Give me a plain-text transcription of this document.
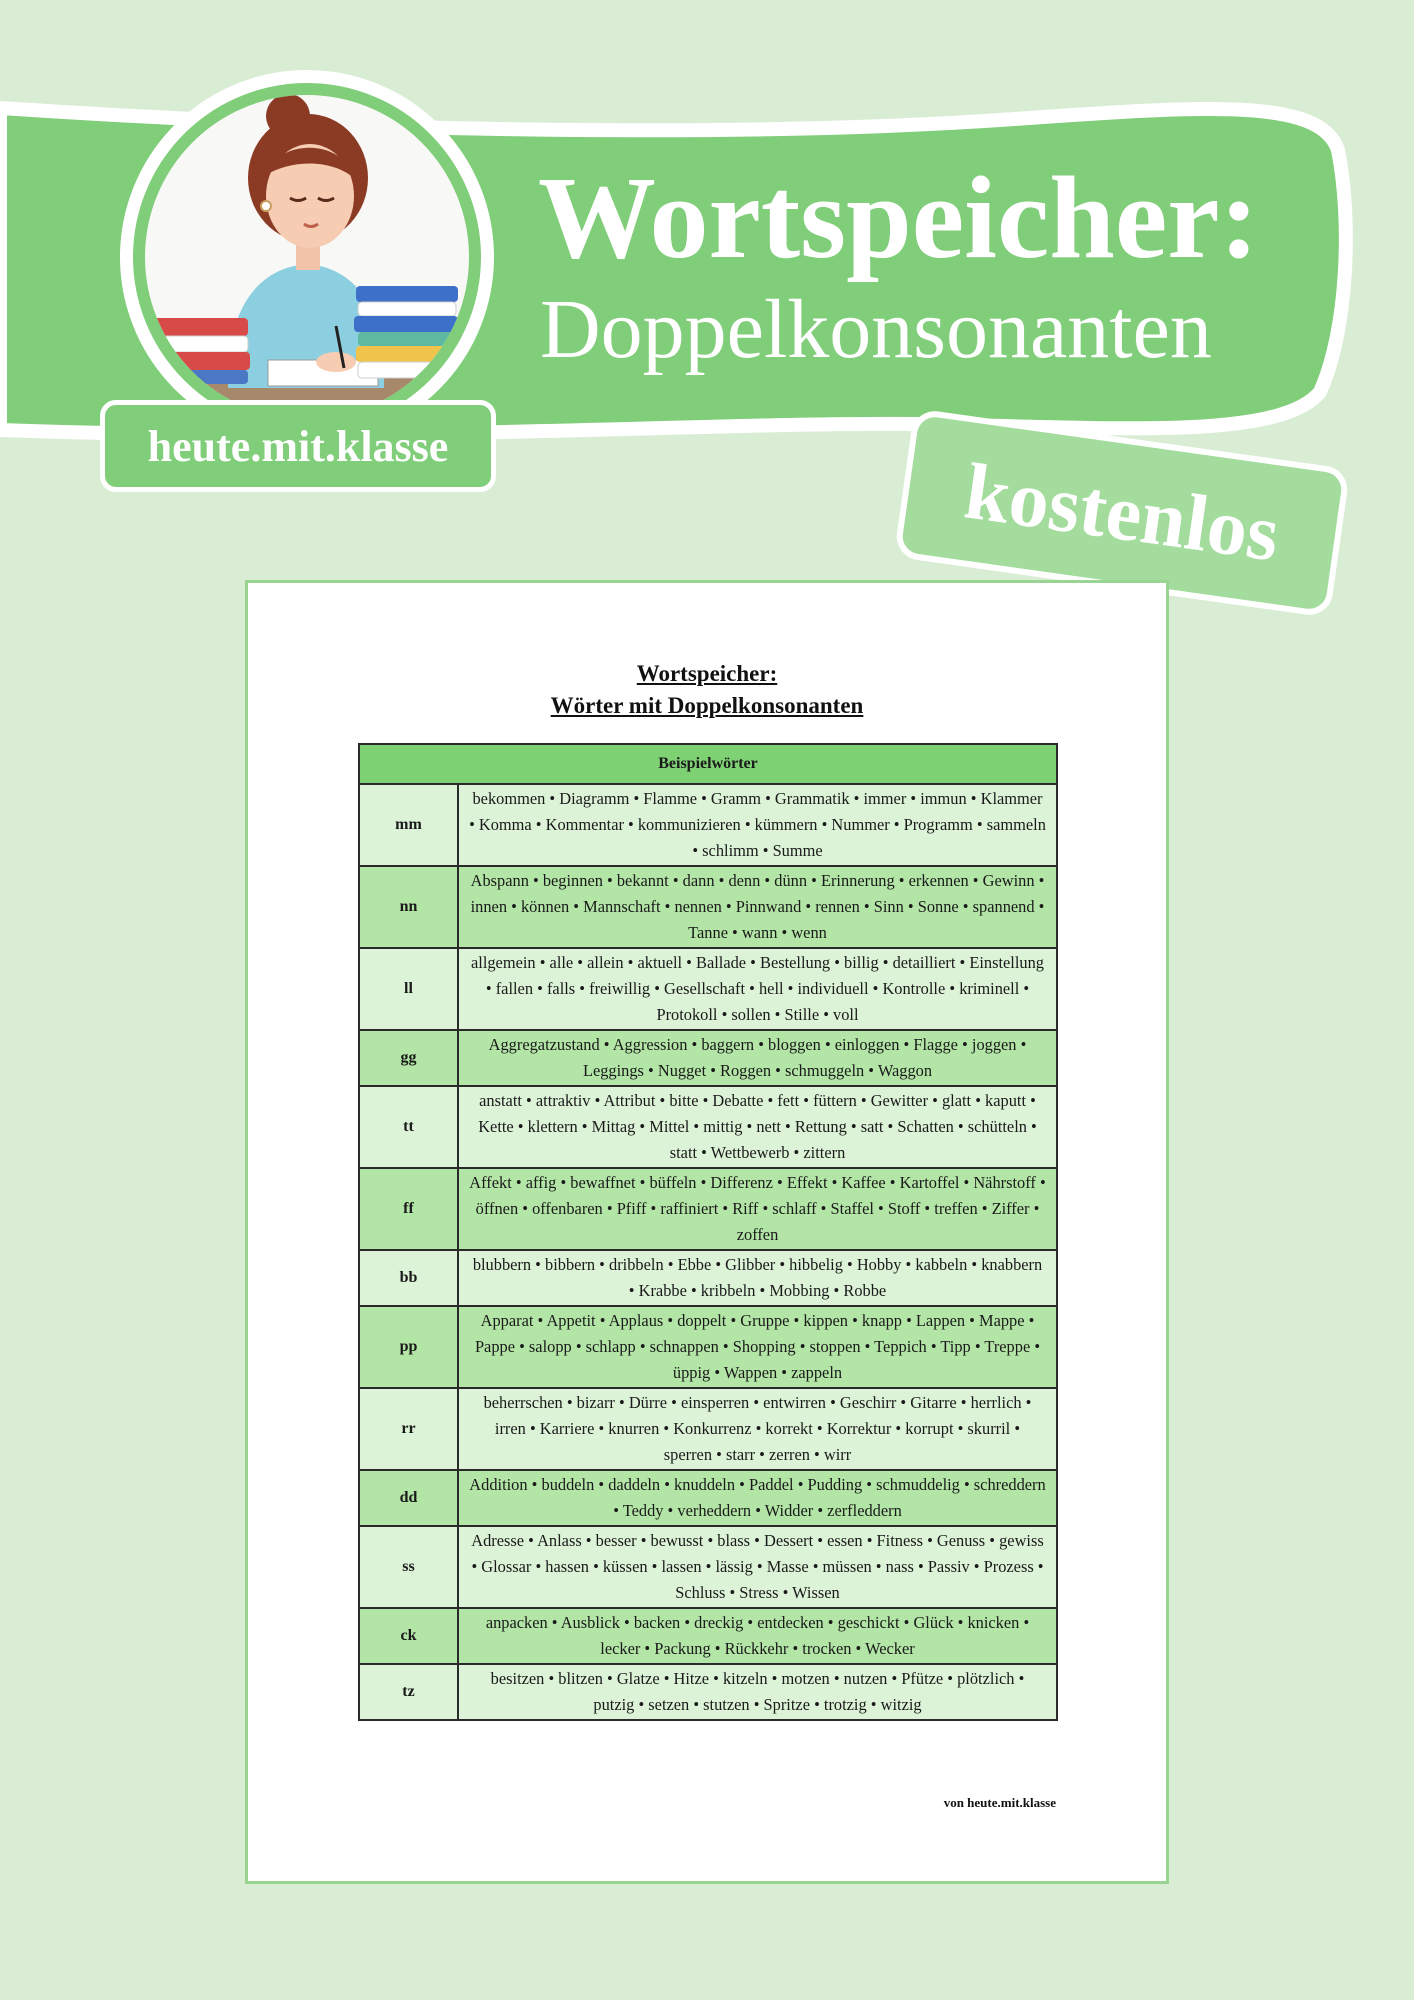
Wortspeicher:
Doppelkonsonanten
heute.mit.klasse
kostenlos
Wortspeicher:
Wörter mit Doppelkonsonanten
Beispielwörter	
mm	bekommen • Diagramm • Flamme • Gramm • Grammatik • immer • immun • Klammer • Komma • Kommentar • kommunizieren • kümmern • Nummer • Programm • sammeln • schlimm • Summe
nn	Abspann • beginnen • bekannt • dann • denn • dünn • Erinnerung • erkennen • Gewinn • innen • können • Mannschaft • nennen • Pinnwand • rennen • Sinn • Sonne • spannend • Tanne • wann • wenn
ll	allgemein • alle • allein • aktuell • Ballade • Bestellung • billig • detailliert • Einstellung • fallen • falls • freiwillig • Gesellschaft • hell • individuell • Kontrolle • kriminell • Protokoll • sollen • Stille • voll
gg	Aggregatzustand • Aggression • baggern • bloggen • einloggen • Flagge • joggen • Leggings • Nugget • Roggen • schmuggeln • Waggon
tt	anstatt • attraktiv • Attribut • bitte • Debatte • fett • füttern • Gewitter • glatt • kaputt • Kette • klettern • Mittag • Mittel • mittig • nett • Rettung • satt • Schatten • schütteln • statt • Wettbewerb • zittern
ff	Affekt • affig • bewaffnet • büffeln • Differenz • Effekt • Kaffee • Kartoffel • Nährstoff • öffnen • offenbaren • Pfiff • raffiniert • Riff • schlaff • Staffel • Stoff • treffen • Ziffer • zoffen
bb	blubbern • bibbern • dribbeln • Ebbe • Glibber • hibbelig • Hobby • kabbeln • knabbern • Krabbe • kribbeln • Mobbing • Robbe
pp	Apparat • Appetit • Applaus • doppelt • Gruppe • kippen • knapp • Lappen • Mappe • Pappe • salopp • schlapp • schnappen • Shopping • stoppen • Teppich • Tipp • Treppe • üppig • Wappen • zappeln
rr	beherrschen • bizarr • Dürre • einsperren • entwirren • Geschirr • Gitarre • herrlich • irren • Karriere • knurren • Konkurrenz • korrekt • Korrektur • korrupt • skurril • sperren • starr • zerren • wirr
dd	Addition • buddeln • daddeln • knuddeln • Paddel • Pudding • schmuddelig • schreddern • Teddy • verheddern • Widder • zerfleddern
ss	Adresse • Anlass • besser • bewusst • blass • Dessert • essen • Fitness • Genuss • gewiss • Glossar • hassen • küssen • lassen • lässig • Masse • müssen • nass • Passiv • Prozess • Schluss • Stress • Wissen
ck	anpacken • Ausblick • backen • dreckig • entdecken • geschickt • Glück • knicken • lecker • Packung • Rückkehr • trocken • Wecker
tz	besitzen • blitzen • Glatze • Hitze • kitzeln • motzen • nutzen • Pfütze • plötzlich • putzig • setzen • stutzen • Spritze • trotzig • witzig
von heute.mit.klasse
